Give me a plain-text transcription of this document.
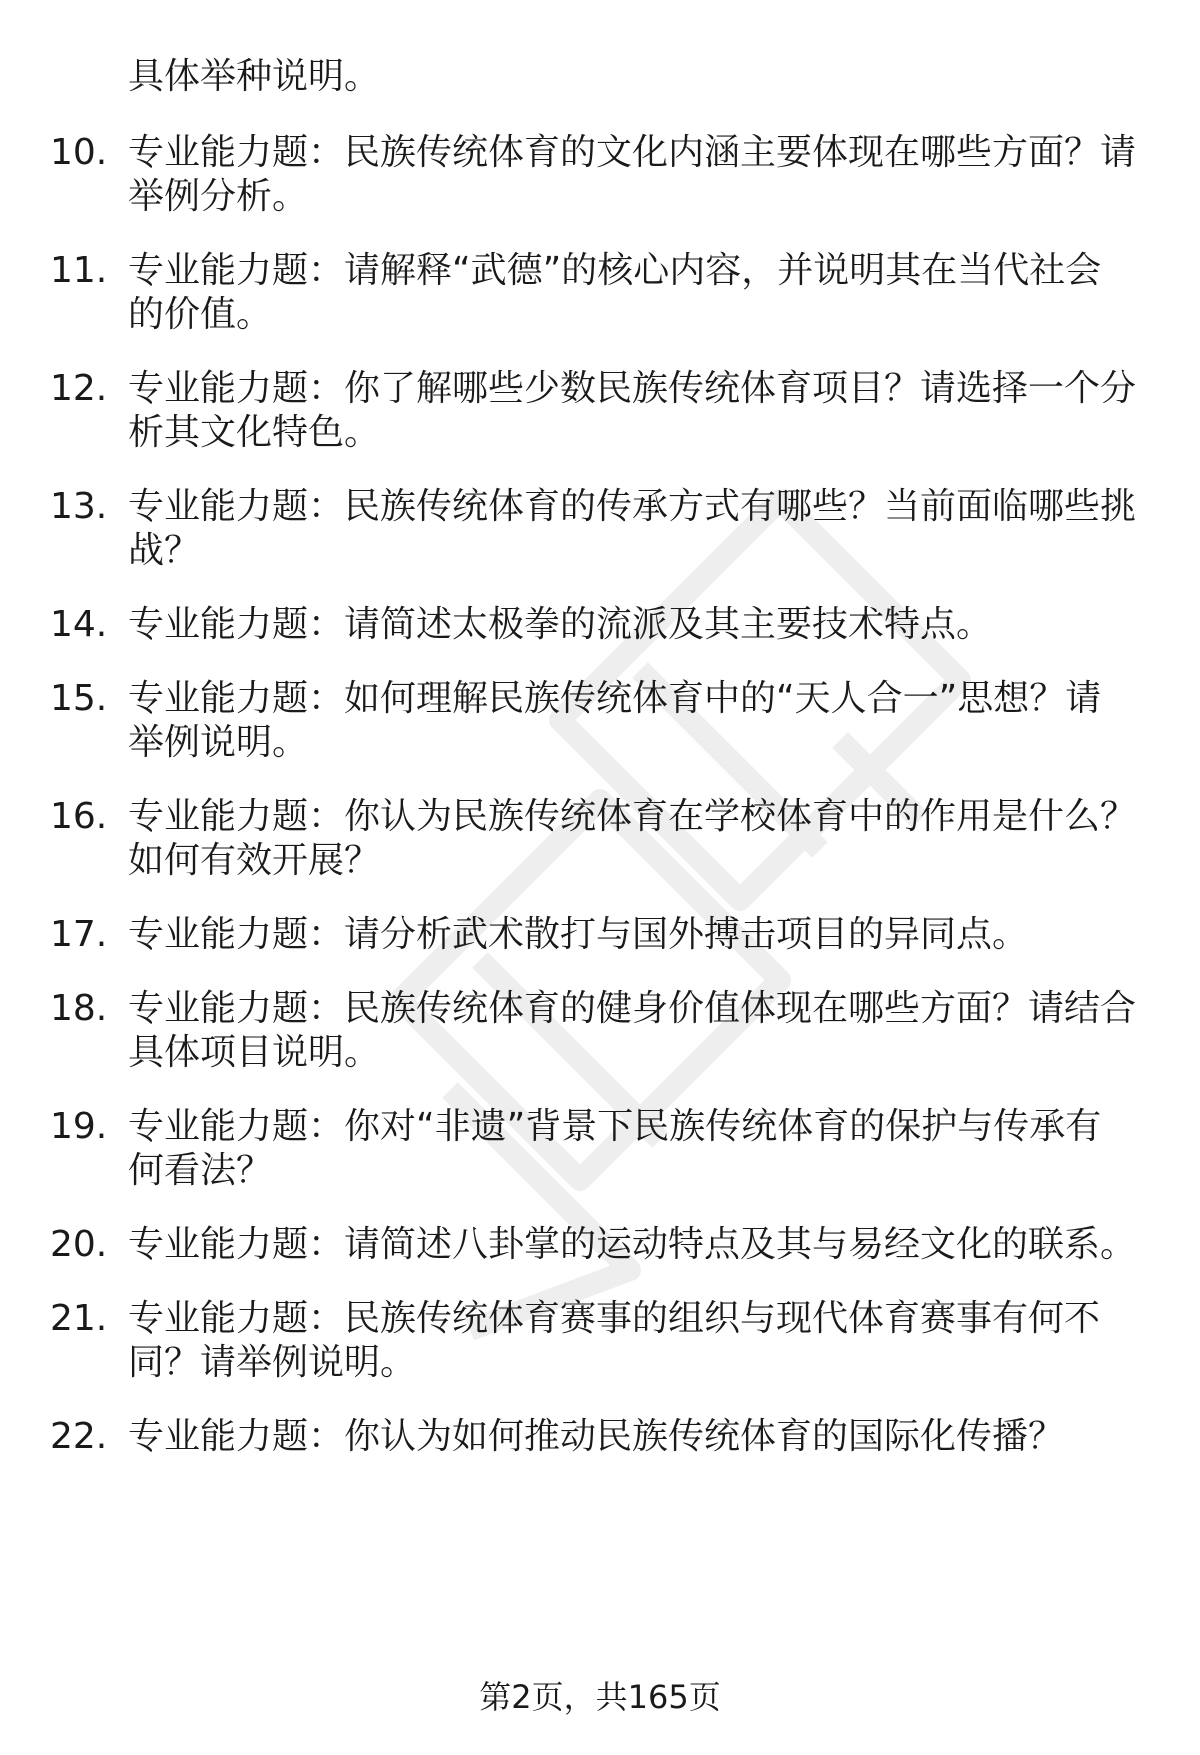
具体举种说明。
10. 专业能力题：民族传统体育的文化内涵主要体现在哪些方面？请
举例分析。
11. 专业能力题：请解释“武德”的核心内容，并说明其在当代社会
的价值。
12. 专业能力题：你了解哪些少数民族传统体育项目？请选择一个分
析其文化特色。
13. 专业能力题：民族传统体育的传承方式有哪些？当前面临哪些挑
战？
14. 专业能力题：请简述太极拳的流派及其主要技术特点。
15. 专业能力题：如何理解民族传统体育中的“天人合一”思想？请
举例说明。
16. 专业能力题：你认为民族传统体育在学校体育中的作用是什么？
如何有效开展？
17. 专业能力题：请分析武术散打与国外搏击项目的异同点。
18. 专业能力题：民族传统体育的健身价值体现在哪些方面？请结合
具体项目说明。
19. 专业能力题：你对“非遗”背景下民族传统体育的保护与传承有
何看法？
20. 专业能力题：请简述八卦掌的运动特点及其与易经文化的联系。
21. 专业能力题：民族传统体育赛事的组织与现代体育赛事有何不
同？请举例说明。
22. 专业能力题：你认为如何推动民族传统体育的国际化传播？
第2页，共165页
